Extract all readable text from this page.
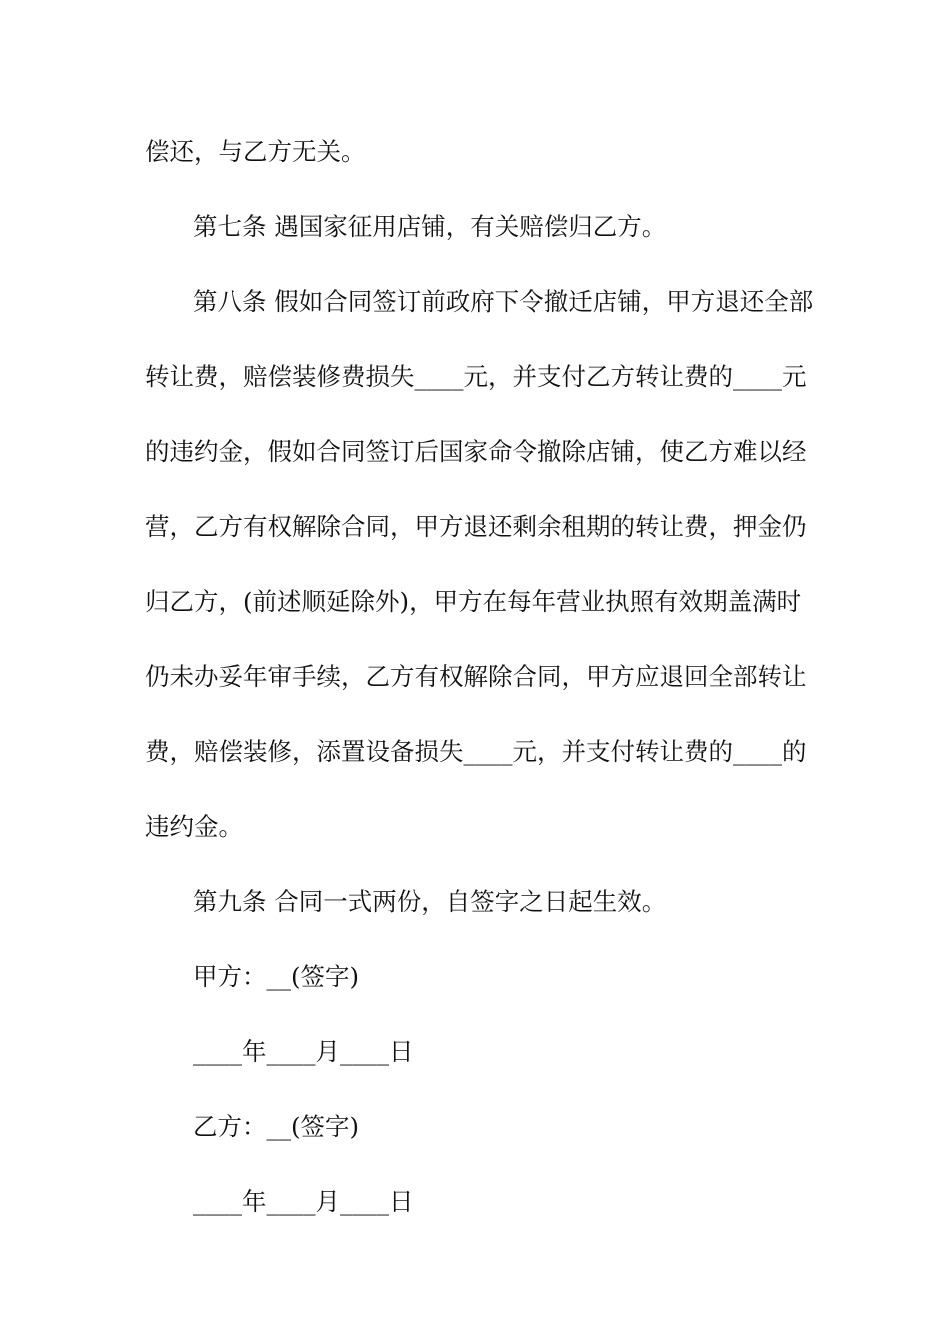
偿还，与乙方无关。
第七条 遇国家征用店铺，有关赔偿归乙方。
第八条 假如合同签订前政府下令撤迁店铺，甲方退还全部
转让费，赔偿装修费损失____元，并支付乙方转让费的____元
的违约金，假如合同签订后国家命令撤除店铺，使乙方难以经
营，乙方有权解除合同，甲方退还剩余租期的转让费，押金仍
归乙方，(前述顺延除外)，甲方在每年营业执照有效期盖满时
仍未办妥年审手续，乙方有权解除合同，甲方应退回全部转让
费，赔偿装修，添置设备损失____元，并支付转让费的____的
违约金。
第九条 合同一式两份，自签字之日起生效。
甲方：__(签字)
____年____月____日
乙方：__(签字)
____年____月____日
